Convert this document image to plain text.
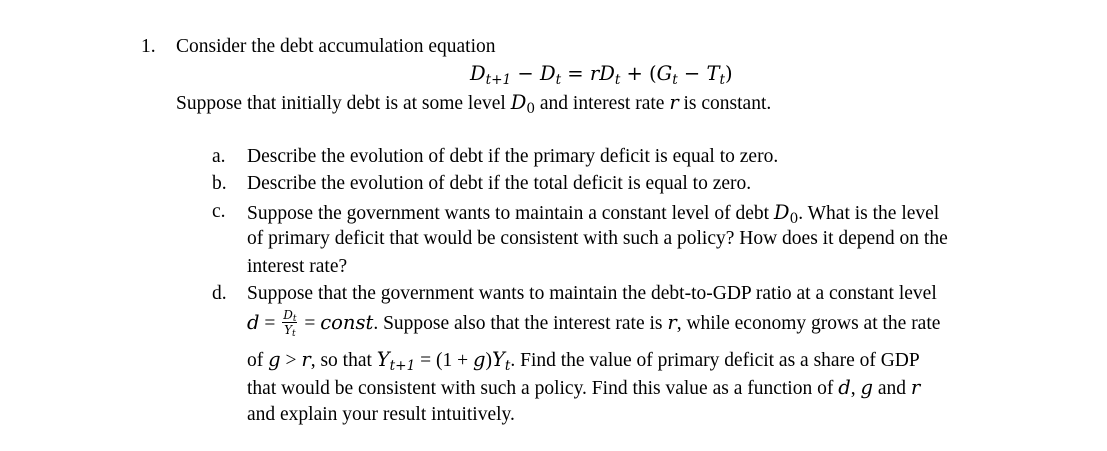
1. Consider the debt accumulation equation
$D_{t+1} - D_t = rD_t + (G_t - T_t)$
Suppose that initially debt is at some level $D_0$ and interest rate r is constant.
a. Describe the evolution of debt if the primary deficit is equal to zero.
b. Describe the evolution of debt if the total deficit is equal to zero.
c. Suppose the government wants to maintain a constant level of debt $D_0$. What is the level
of primary deficit that would be consistent with such a policy? How does it depend on the
interest rate?
d. Suppose that the government wants to maintain the debt-to-GDP ratio at a constant level
$d = \frac{D_t}{Y_t}$ = const. Suppose also that the interest rate is r, while economy grows at the rate
of g > r, so that $Y_{t+1} = (1 + g)Y_t$. Find the value of primary deficit as a share of GDP
that would be consistent with such a policy. Find this value as a function of d, g and r
and explain your result intuitively.
